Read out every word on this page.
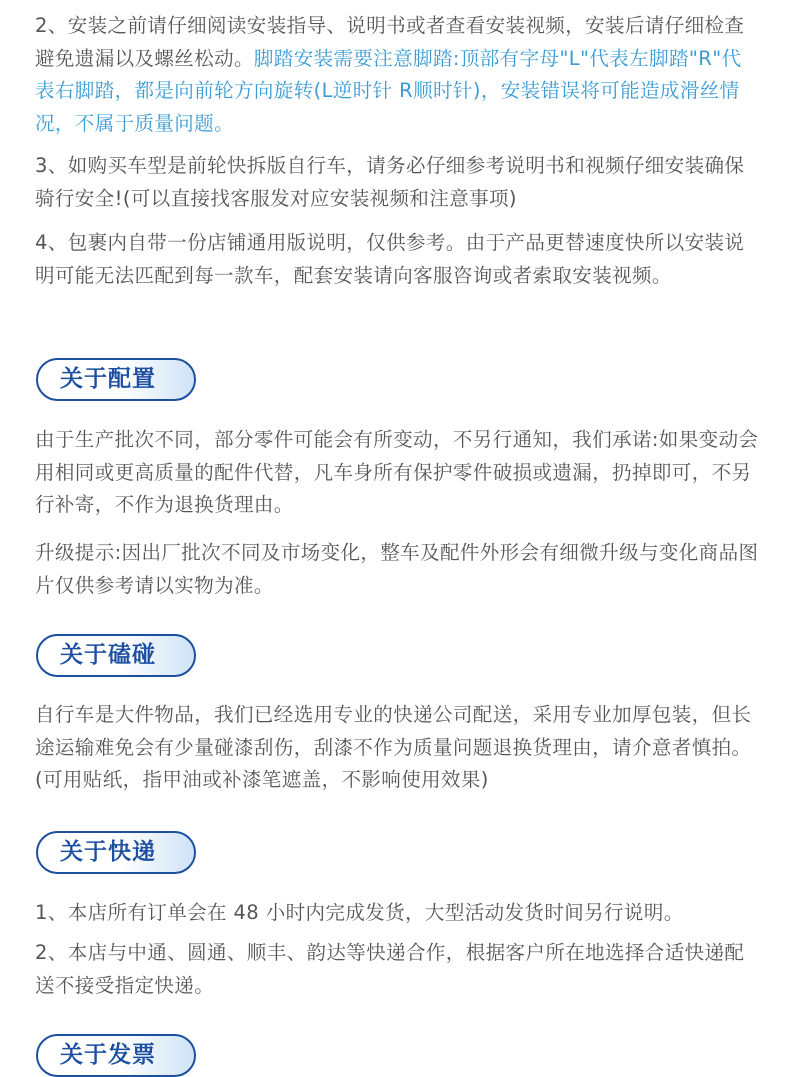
2、安装之前请仔细阅读安装指导、说明书或者查看安装视频，安装后请仔细检查避免遗漏以及螺丝松动。脚踏安装需要注意脚踏:顶部有字母"L"代表左脚踏"R"代表右脚踏，都是向前轮方向旋转(L逆时针 R顺时针)，安装错误将可能造成滑丝情况，不属于质量问题。

3、如购买车型是前轮快拆版自行车，请务必仔细参考说明书和视频仔细安装确保骑行安全!(可以直接找客服发对应安装视频和注意事项)

4、包裹内自带一份店铺通用版说明，仅供参考。由于产品更替速度快所以安装说明可能无法匹配到每一款车，配套安装请向客服咨询或者索取安装视频。

关于配置

由于生产批次不同，部分零件可能会有所变动，不另行通知，我们承诺:如果变动会用相同或更高质量的配件代替，凡车身所有保护零件破损或遗漏，扔掉即可，不另行补寄，不作为退换货理由。

升级提示:因出厂批次不同及市场变化，整车及配件外形会有细微升级与变化商品图片仅供参考请以实物为准。

关于磕碰

自行车是大件物品，我们已经选用专业的快递公司配送，采用专业加厚包装，但长途运输难免会有少量碰漆刮伤，刮漆不作为质量问题退换货理由，请介意者慎拍。(可用贴纸，指甲油或补漆笔遮盖，不影响使用效果)

关于快递

1、本店所有订单会在 48 小时内完成发货，大型活动发货时间另行说明。

2、本店与中通、圆通、顺丰、韵达等快递合作，根据客户所在地选择合适快递配送不接受指定快递。

关于发票
